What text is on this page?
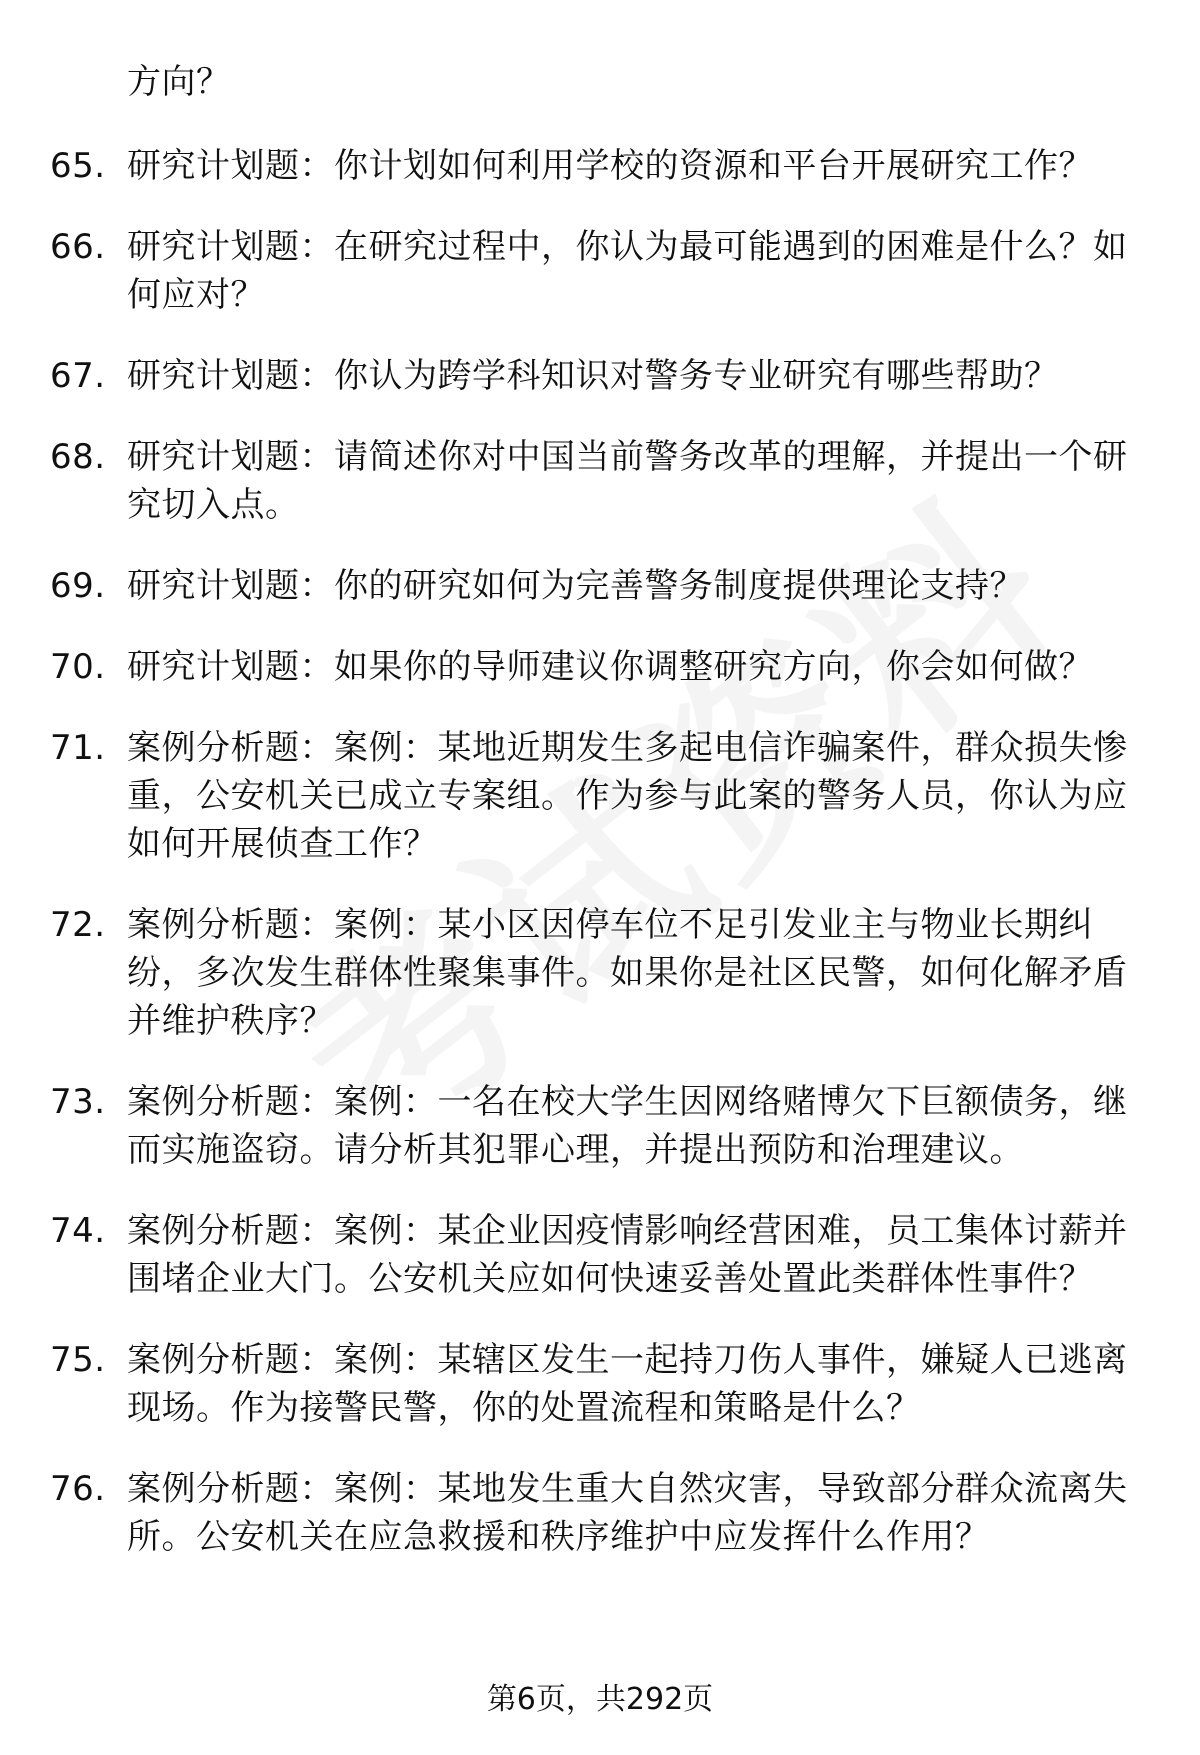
方向？
65. 研究计划题：你计划如何利用学校的资源和平台开展研究工作？
66. 研究计划题：在研究过程中，你认为最可能遇到的困难是什么？如何应对？
67. 研究计划题：你认为跨学科知识对警务专业研究有哪些帮助？
68. 研究计划题：请简述你对中国当前警务改革的理解，并提出一个研究切入点。
69. 研究计划题：你的研究如何为完善警务制度提供理论支持？
70. 研究计划题：如果你的导师建议你调整研究方向，你会如何做？
71. 案例分析题：案例：某地近期发生多起电信诈骗案件，群众损失惨重，公安机关已成立专案组。作为参与此案的警务人员，你认为应如何开展侦查工作？
72. 案例分析题：案例：某小区因停车位不足引发业主与物业长期纠纷，多次发生群体性聚集事件。如果你是社区民警，如何化解矛盾并维护秩序？
73. 案例分析题：案例：一名在校大学生因网络赌博欠下巨额债务，继而实施盗窃。请分析其犯罪心理，并提出预防和治理建议。
74. 案例分析题：案例：某企业因疫情影响经营困难，员工集体讨薪并围堵企业大门。公安机关应如何快速妥善处置此类群体性事件？
75. 案例分析题：案例：某辖区发生一起持刀伤人事件，嫌疑人已逃离现场。作为接警民警，你的处置流程和策略是什么？
76. 案例分析题：案例：某地发生重大自然灾害，导致部分群众流离失所。公安机关在应急救援和秩序维护中应发挥什么作用？
第6页，共292页
